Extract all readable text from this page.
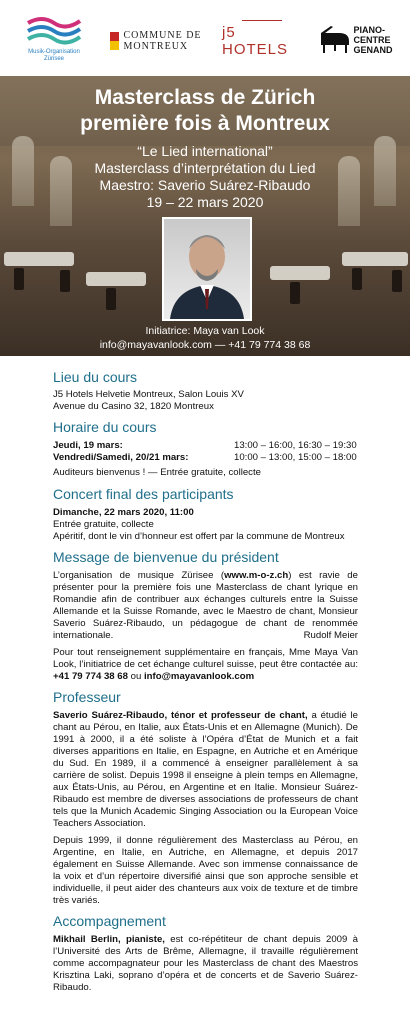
Musik-Organisation
Zürisee
COMMUNE DE
MONTREUX
j5 HOTELS
PIANO-
CENTRE
GENAND
Masterclass de Zürich
première fois à Montreux
“Le Lied international”
Masterclass d’interprétation du Lied
Maestro: Saverio Suárez-Ribaudo
19 – 22 mars 2020
Initiatrice: Maya van Look
info@mayavanlook.com — +41 79 774 38 68
Lieu du cours
J5 Hotels Helvetie Montreux, Salon Louis XV
Avenue du Casino 32, 1820 Montreux
Horaire du cours
Jeudi, 19 mars:	13:00 – 16:00, 16:30 – 19:30
Vendredi/Samedi, 20/21 mars:	10:00 – 13:00, 15:00 – 18:00
Auditeurs bienvenus ! — Entrée gratuite, collecte
Concert final des participants
Dimanche, 22 mars 2020, 11:00
Entrée gratuite, collecte
Apéritif, dont le vin d’honneur est offert par la commune de Montreux
Message de bienvenue du président
L’organisation de musique Zürisee (www.m-o-z.ch) est ravie de présenter pour la première fois une Masterclass de chant lyrique en Romandie afin de contribuer aux échanges culturels entre la Suisse Allemande et la Suisse Romande, avec le Maestro de chant, Monsieur Saverio Suárez-Ribaudo, un pédagogue de chant de renommée internationale.	Rudolf Meier
Pour tout renseignement supplémentaire en français, Mme Maya Van Look, l’initiatrice de cet échange culturel suisse, peut être contactée au: +41 79 774 38 68 ou info@mayavanlook.com
Professeur
Saverio Suárez-Ribaudo, ténor et professeur de chant, a étudié le chant au Pérou, en Italie, aux États-Unis et en Allemagne (Munich). De 1991 à 2000, il a été soliste à l’Opéra d’État de Munich et a fait diverses apparitions en Italie, en Espagne, en Autriche et en Amérique du Sud. En 1989, il a commencé à enseigner parallèlement à sa carrière de solist. Depuis 1998 il enseigne à plein temps en Allemagne, aux États-Unis, au Pérou, en Argentine et en Italie. Monsieur Suárez-Ribaudo est membre de diverses associations de professeurs de chant tels que la Munich Academic Singing Association ou la European Voice Teachers Association.
Depuis 1999, il donne régulièrement des Masterclass au Pérou, en Argentine, en Italie, en Autriche, en Allemagne, et depuis 2017 également en Suisse Allemande. Avec son immense connaissance de la voix et d’un répertoire diversifié ainsi que son approche sensible et individuelle, il peut aider des chanteurs aux voix de texture et de timbre très variés.
Accompagnement
Mikhail Berlin, pianiste, est co-répétiteur de chant depuis 2009 à l’Université des Arts de Brême, Allemagne, il travaille régulièrement comme accompagnateur pour les Masterclass de chant des Maestros Krisztina Laki, soprano d’opéra et de concerts et de Saverio Suárez-Ribaudo.
